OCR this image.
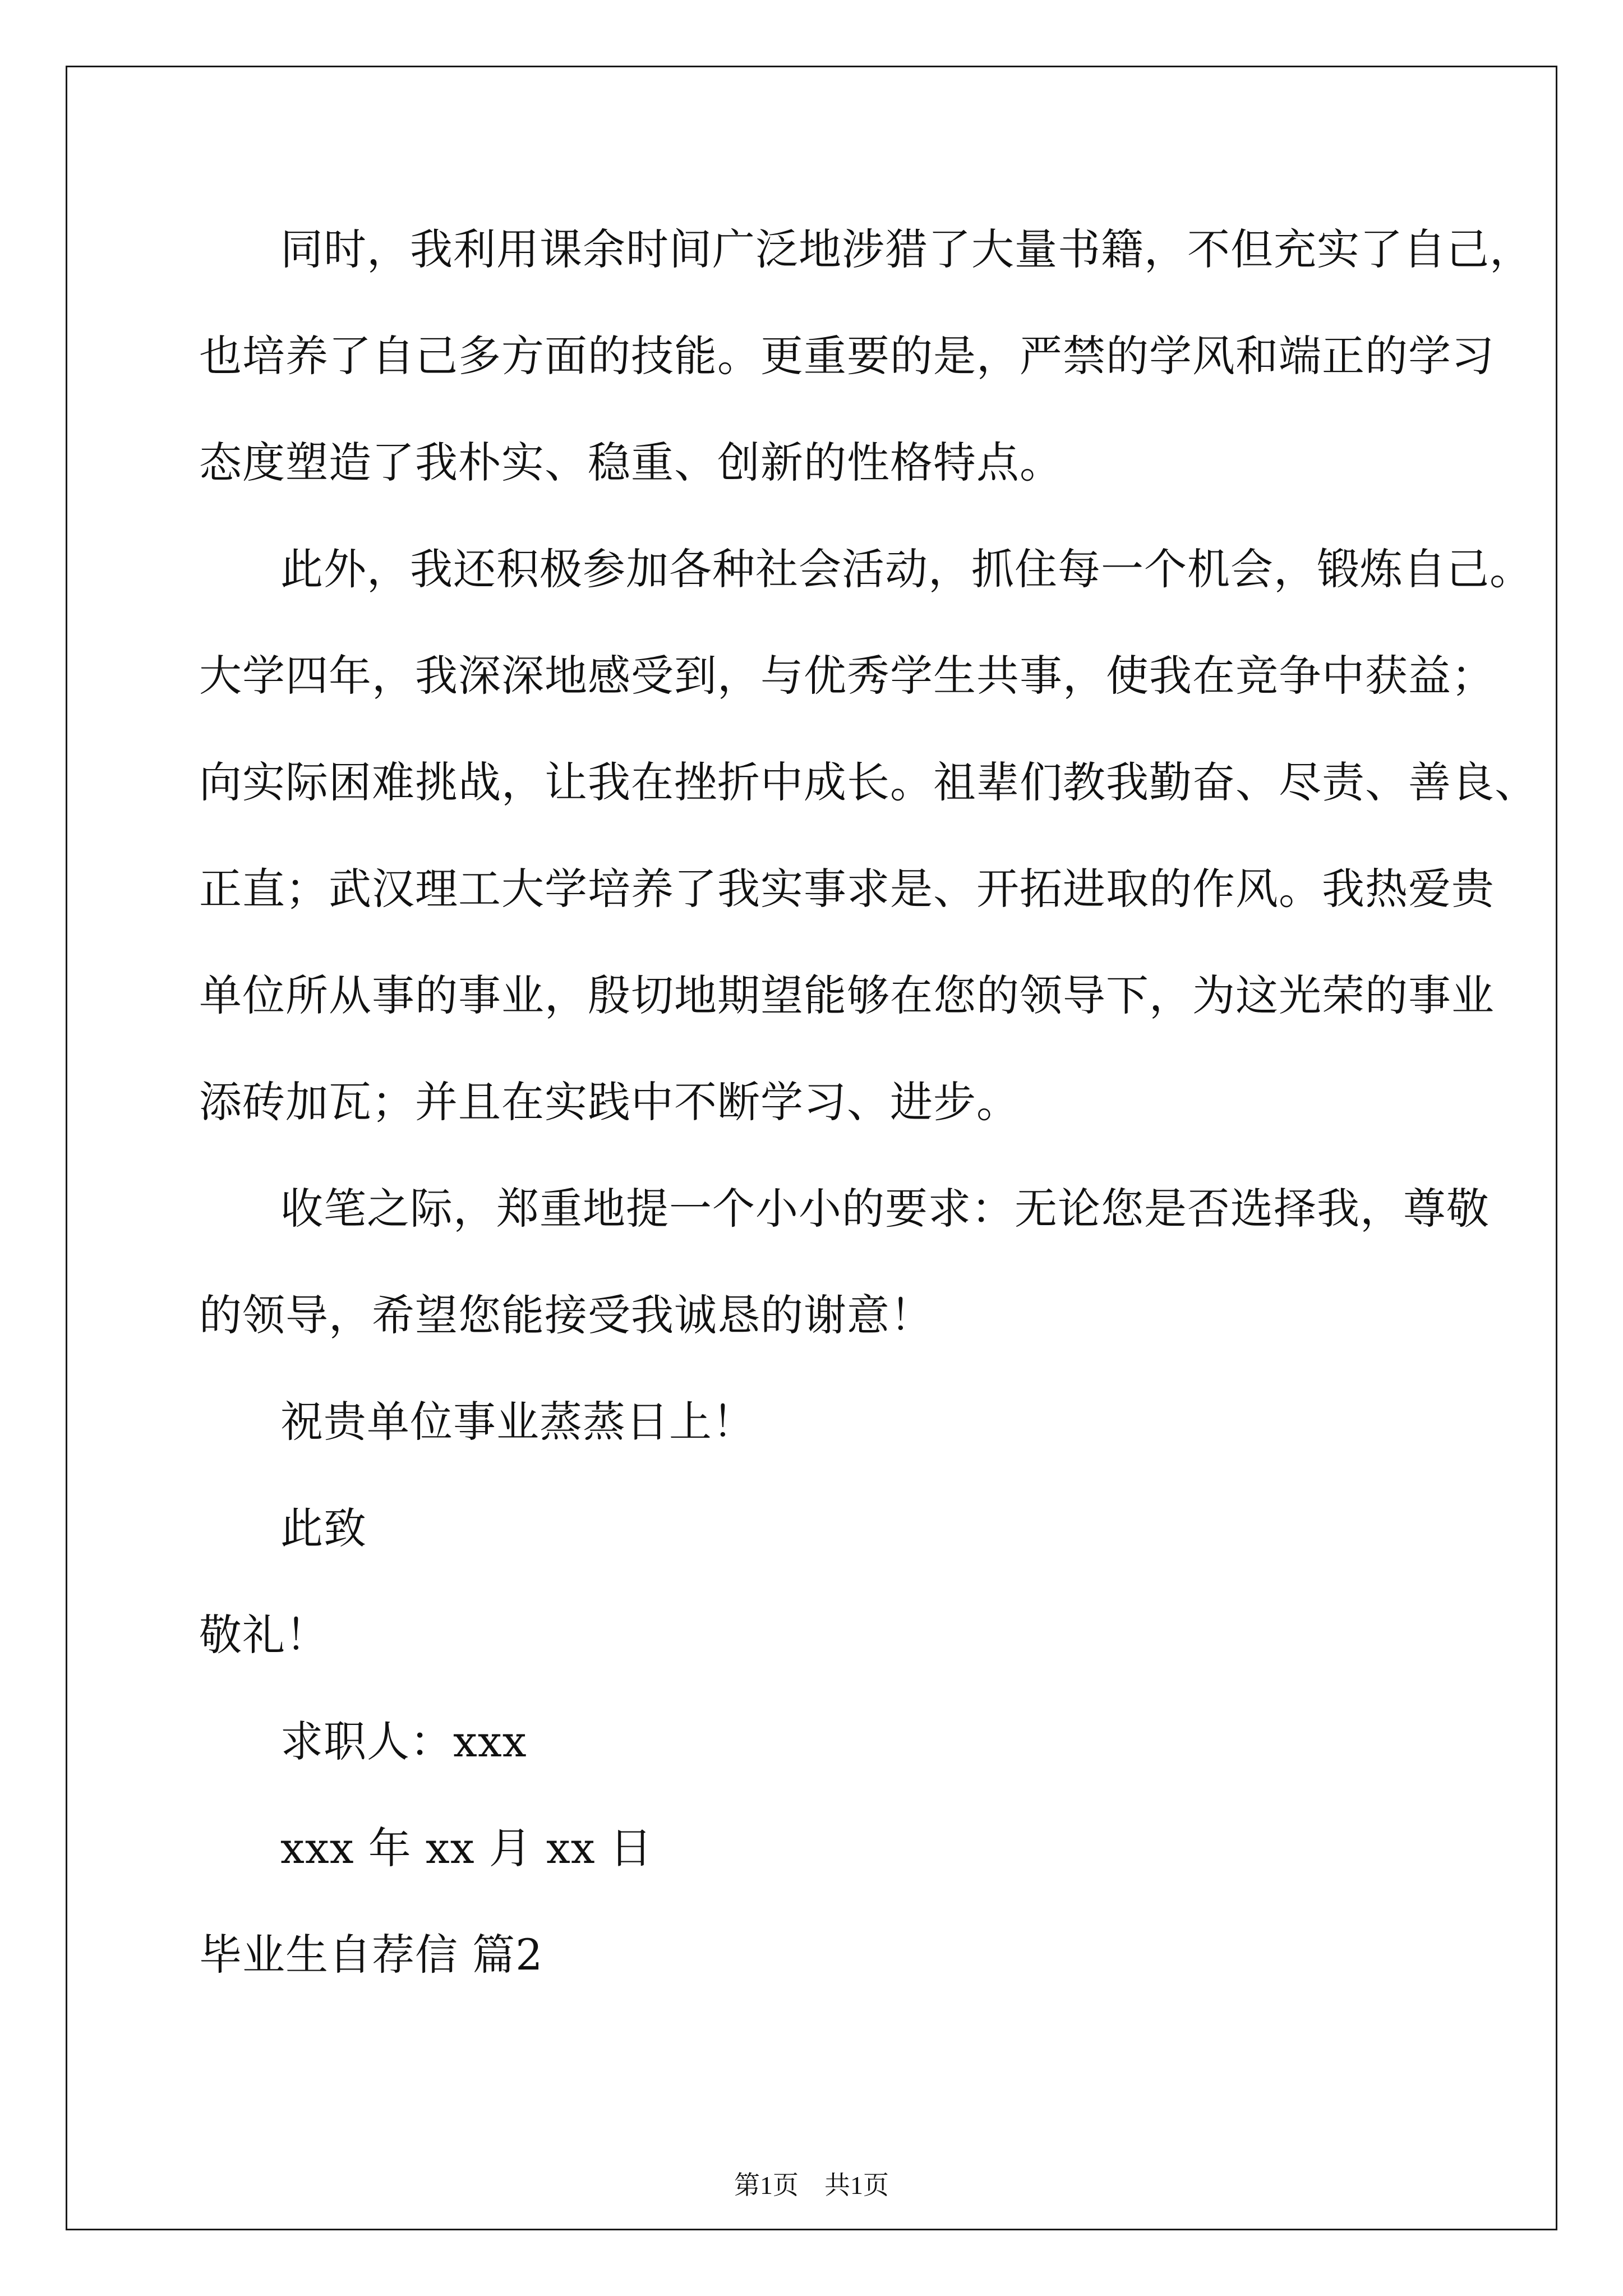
同时，我利用课余时间广泛地涉猎了大量书籍，不但充实了自己，
也培养了自己多方面的技能。更重要的是，严禁的学风和端正的学习
态度塑造了我朴实、稳重、创新的性格特点。
此外，我还积极参加各种社会活动，抓住每一个机会，锻炼自己。
大学四年，我深深地感受到，与优秀学生共事，使我在竞争中获益；
向实际困难挑战，让我在挫折中成长。祖辈们教我勤奋、尽责、善良、
正直；武汉理工大学培养了我实事求是、开拓进取的作风。我热爱贵
单位所从事的事业，殷切地期望能够在您的领导下，为这光荣的事业
添砖加瓦；并且在实践中不断学习、进步。
收笔之际，郑重地提一个小小的要求：无论您是否选择我，尊敬
的领导，希望您能接受我诚恳的谢意！
祝贵单位事业蒸蒸日上！
此致
敬礼！
求职人：xxx
xxx 年 xx 月 xx 日
毕业生自荐信 篇2
第1页　共1页
